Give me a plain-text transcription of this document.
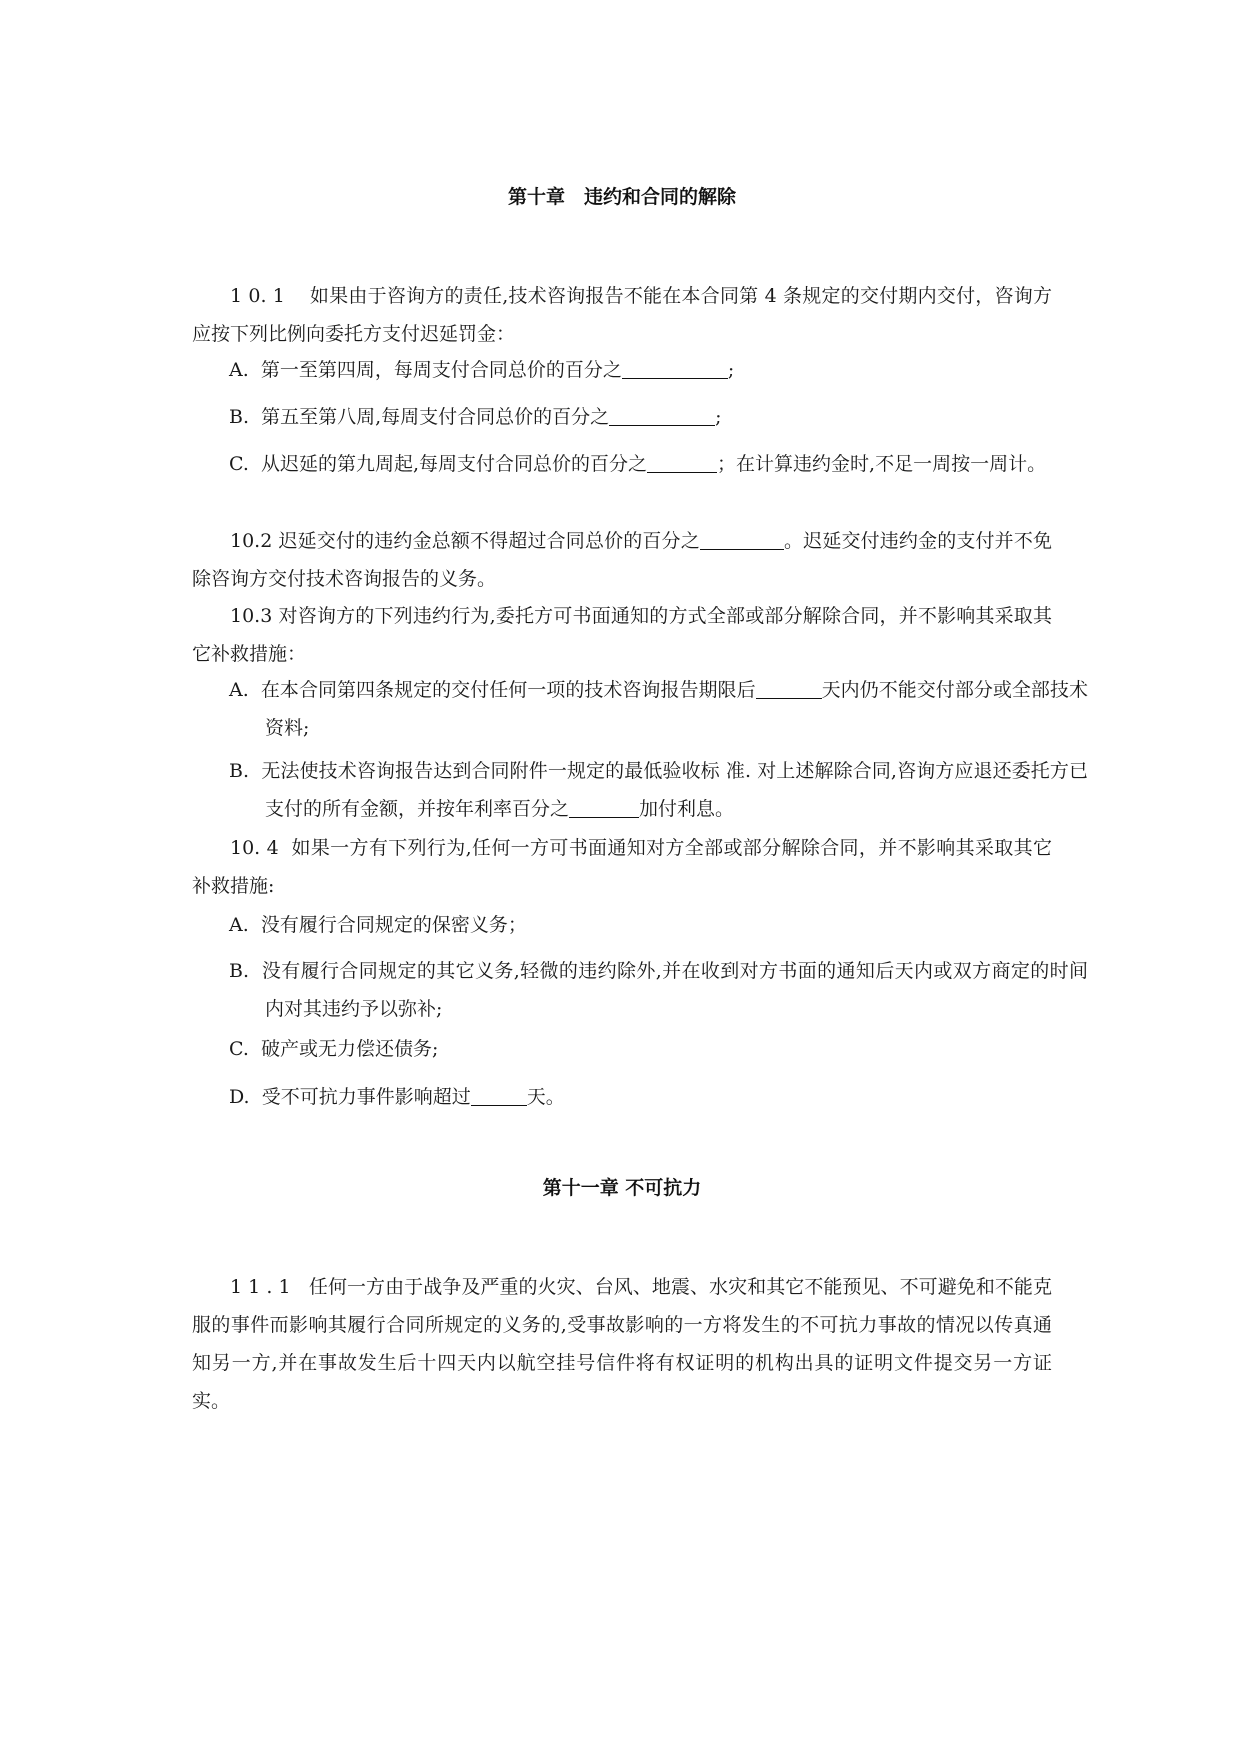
第十章　违约和合同的解除
1 0. 1 如果由于咨询方的责任,技术咨询报告不能在本合同第 4 条规定的交付期内交付，咨询方应按下列比例向委托方支付迟延罚金：
A. 第一至第四周，每周支付合同总价的百分之	;
B. 第五至第八周,每周支付合同总价的百分之	;
C. 从迟延的第九周起,每周支付合同总价的百分之	；在计算违约金时,不足一周按一周计。
10.2 迟延交付的违约金总额不得超过合同总价的百分之	。迟延交付违约金的支付并不免除咨询方交付技术咨询报告的义务。
10.3 对咨询方的下列违约行为,委托方可书面通知的方式全部或部分解除合同，并不影响其采取其它补救措施：
A. 在本合同第四条规定的交付任何一项的技术咨询报告期限后	天内仍不能交付部分或全部技术资料;
B. 无法使技术咨询报告达到合同附件一规定的最低验收标 准. 对上述解除合同,咨询方应退还委托方已支付的所有金额，并按年利率百分之	加付利息。
10. 4 如果一方有下列行为,任何一方可书面通知对方全部或部分解除合同，并不影响其采取其它补救措施:
A. 没有履行合同规定的保密义务；
B. 没有履行合同规定的其它义务,轻微的违约除外,并在收到对方书面的通知后天内或双方商定的时间内对其违约予以弥补;
C. 破产或无力偿还债务;
D. 受不可抗力事件影响超过	天。
第十一章 不可抗力
1 1 . 1 任何一方由于战争及严重的火灾、台风、地震、水灾和其它不能预见、不可避免和不能克服的事件而影响其履行合同所规定的义务的,受事故影响的一方将发生的不可抗力事故的情况以传真通知另一方,并在事故发生后十四天内以航空挂号信件将有权证明的机构出具的证明文件提交另一方证实。
